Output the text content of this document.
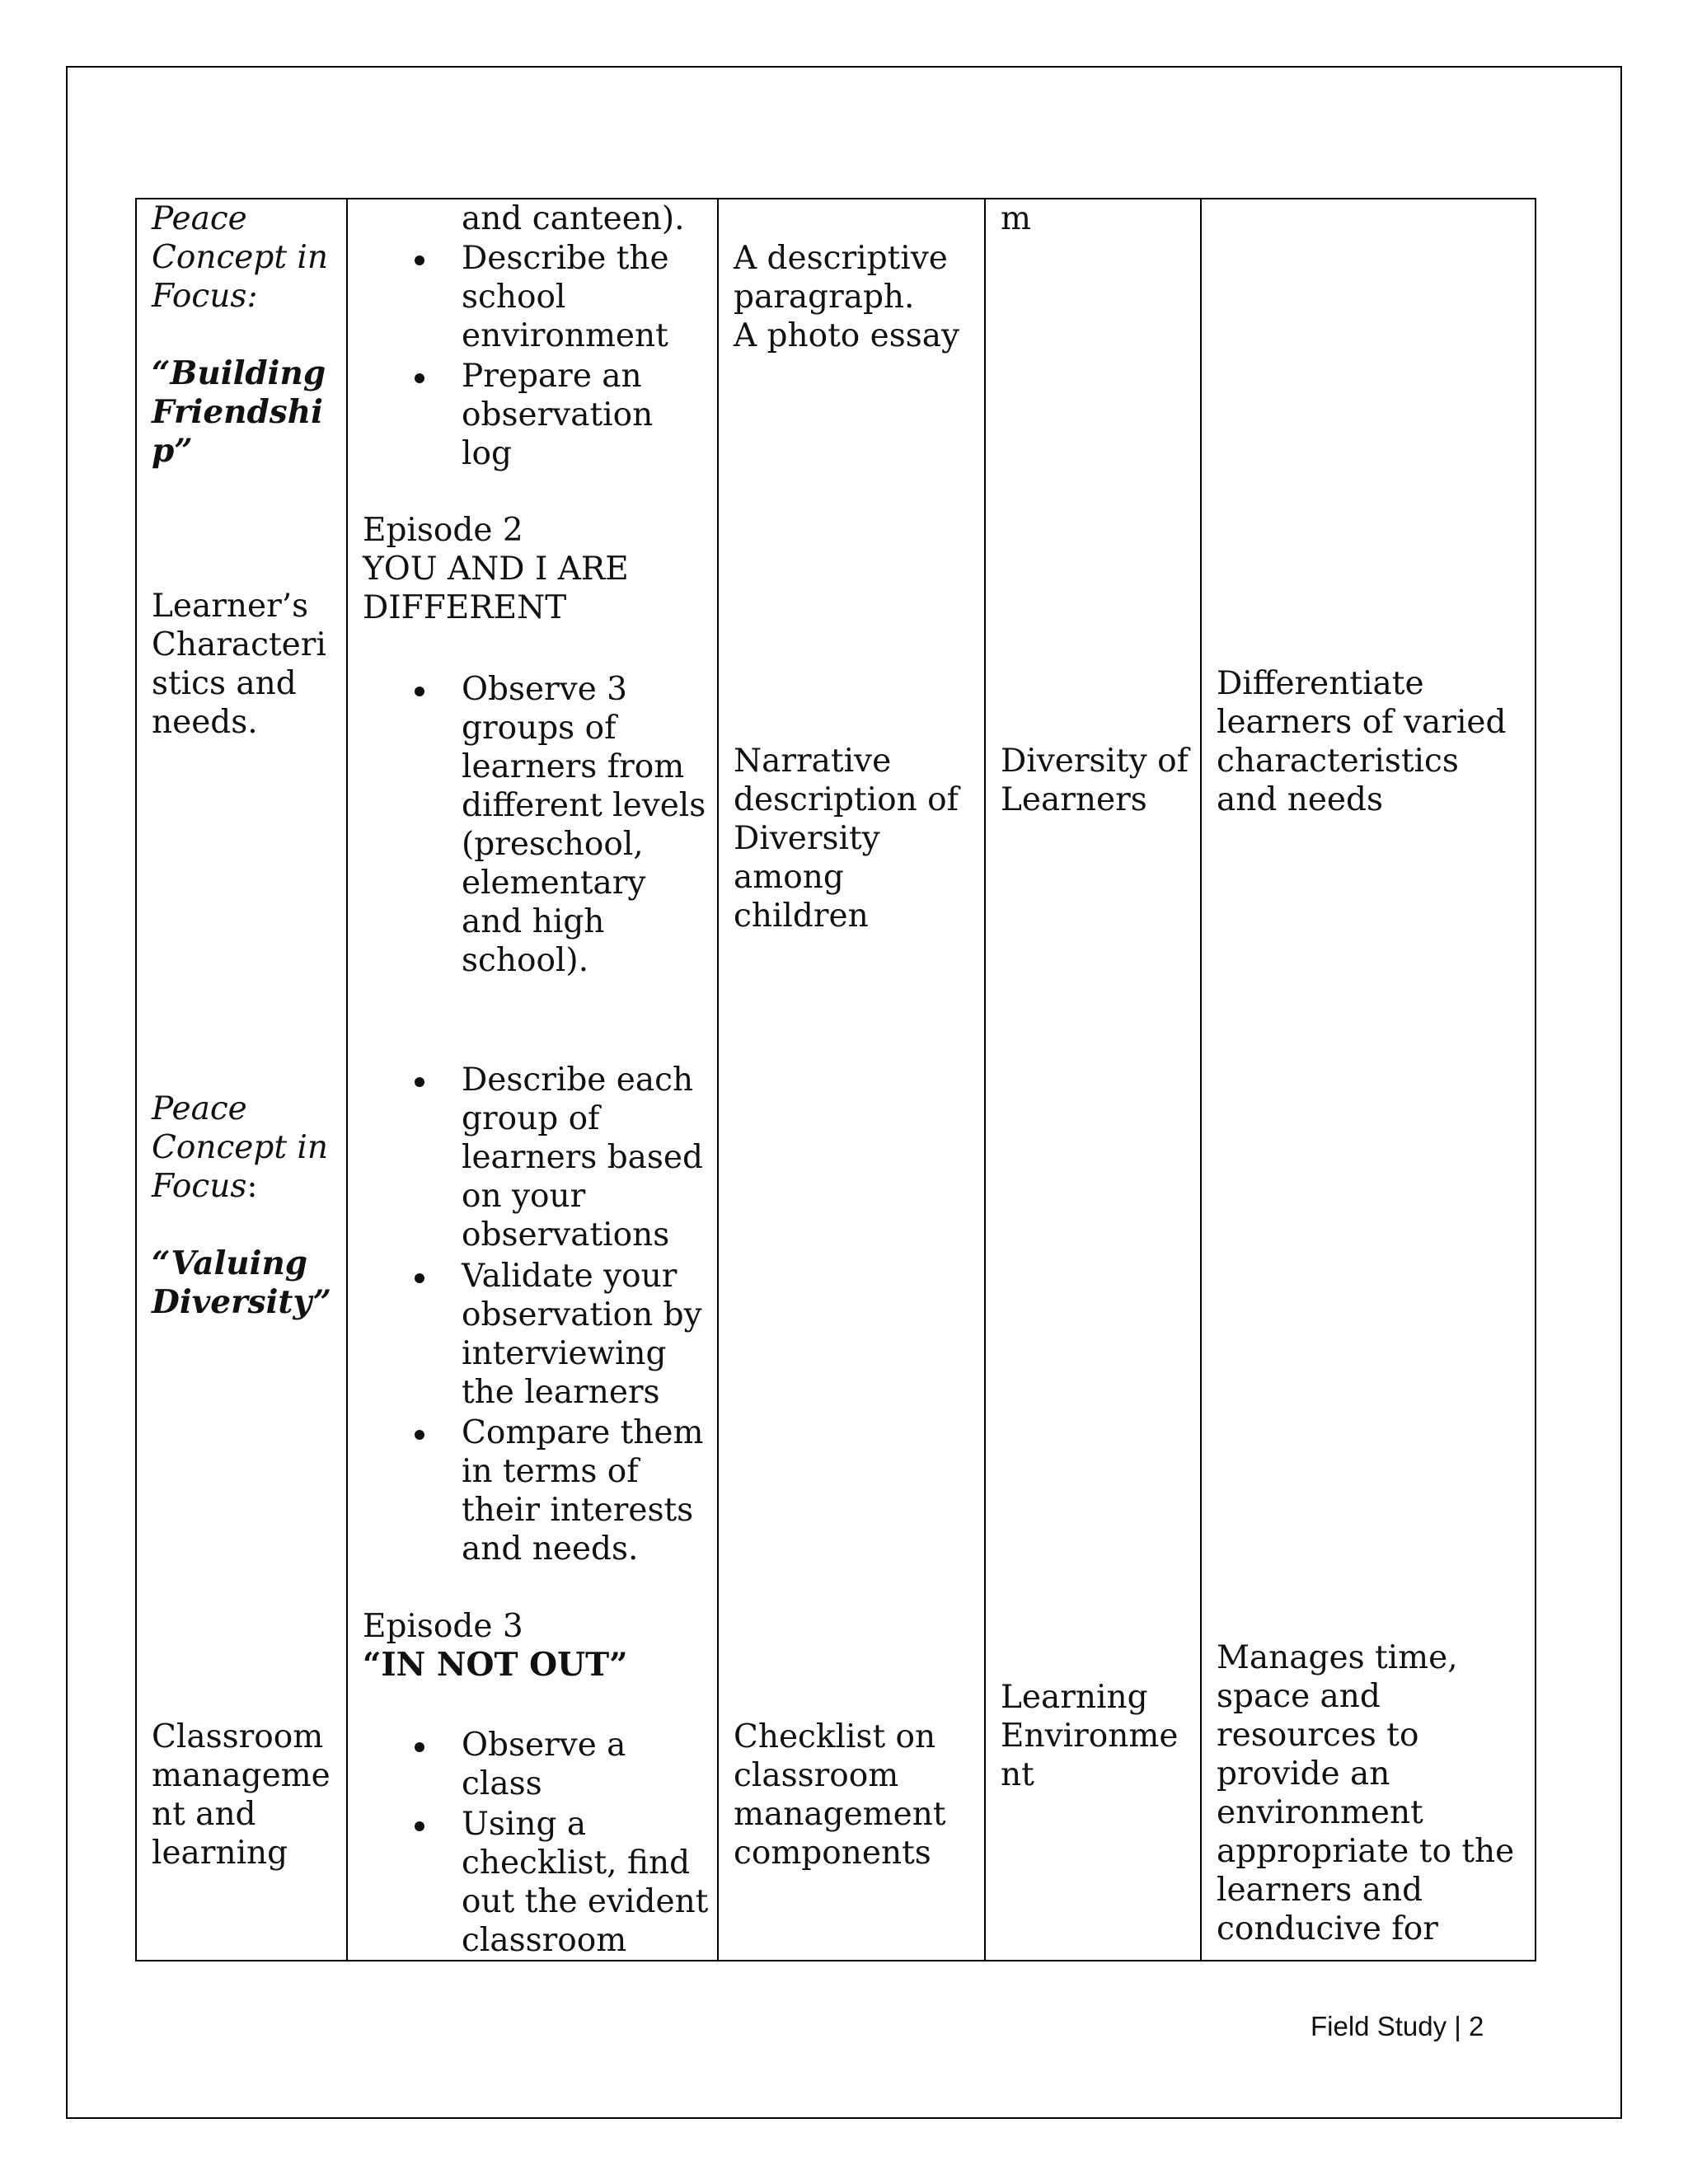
Peace
Concept in
Focus:
“Building
Friendshi
p”
Learner’s
Characteri
stics and
needs.
Peace
Concept in
Focus:
“Valuing
Diversity”
Classroom
manageme
nt and
learning
and canteen).
Describe the
school
environment
Prepare an
observation
log
Episode 2
YOU AND I ARE
DIFFERENT
Observe 3
groups of
learners from
different levels
(preschool,
elementary
and high
school).
Describe each
group of
learners based
on your
observations
Validate your
observation by
interviewing
the learners
Compare them
in terms of
their interests
and needs.
Episode 3
“IN NOT OUT”
Observe a
class
Using a
checklist, find
out the evident
classroom
A descriptive
paragraph.
A photo essay
Narrative
description of
Diversity
among
children
Checklist on
classroom
management
components
m
Diversity of
Learners
Learning
Environme
nt
Differentiate
learners of varied
characteristics
and needs
Manages time,
space and
resources to
provide an
environment
appropriate to the
learners and
conducive for
Field Study | 2
